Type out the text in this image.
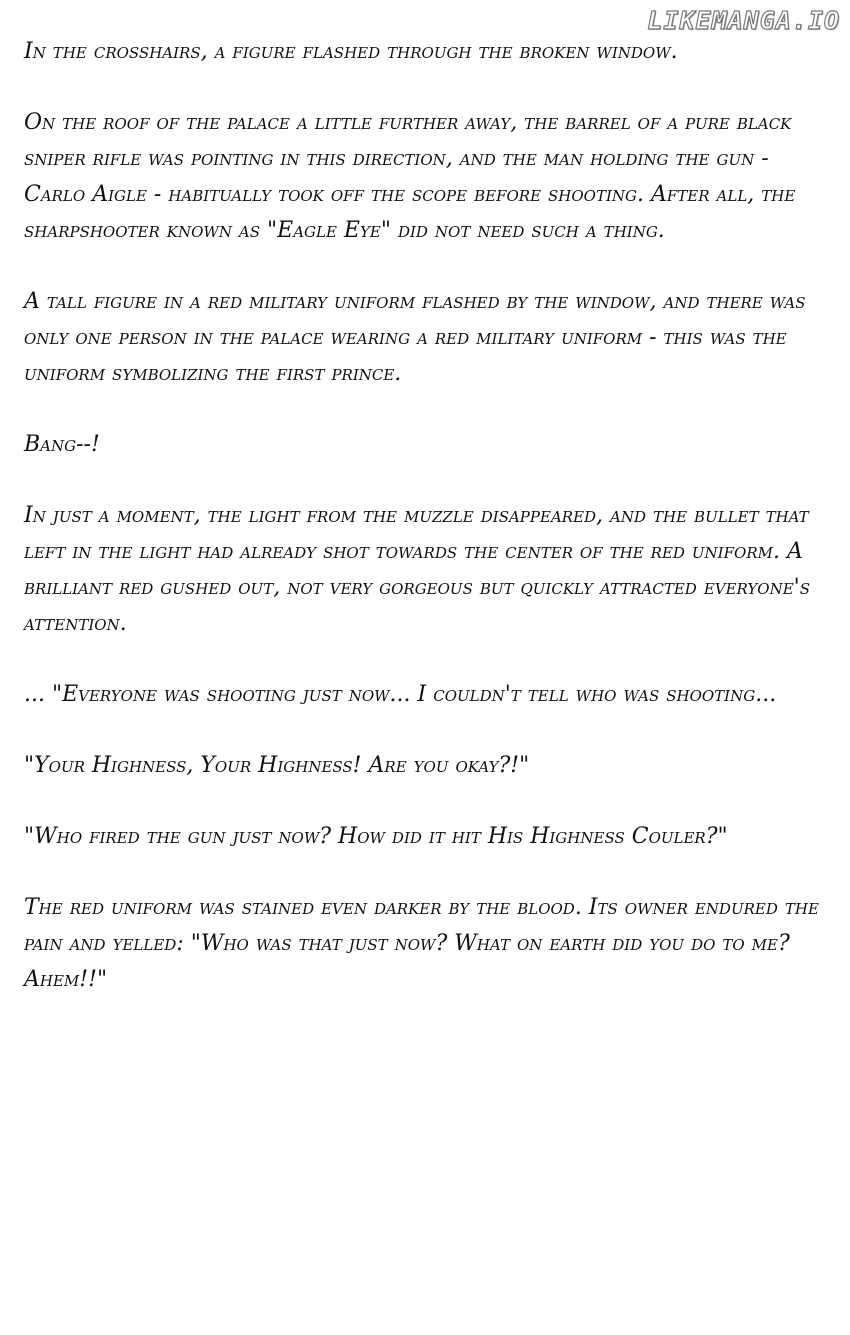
LIKEMANGA.IO

In the crosshairs, a figure flashed through the broken window.

On the roof of the palace a little further away, the barrel of a pure black sniper rifle was pointing in this direction, and the man holding the gun - Carlo Aigle - habitually took off the scope before shooting. After all, the sharpshooter known as "Eagle Eye" did not need such a thing.

A tall figure in a red military uniform flashed by the window, and there was only one person in the palace wearing a red military uniform - this was the uniform symbolizing the first prince.

Bang--!

In just a moment, the light from the muzzle disappeared, and the bullet that left in the light had already shot towards the center of the red uniform. A brilliant red gushed out, not very gorgeous but quickly attracted everyone's attention.

... "Everyone was shooting just now... I couldn't tell who was shooting...

"Your Highness, Your Highness! Are you okay?!"

"Who fired the gun just now? How did it hit His Highness Couler?"

The red uniform was stained even darker by the blood. Its owner endured the pain and yelled: "Who was that just now? What on earth did you do to me? Ahem!!"
